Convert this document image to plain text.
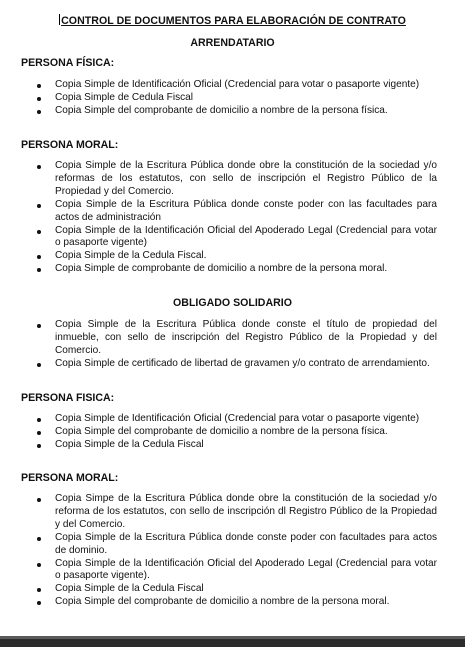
CONTROL DE DOCUMENTOS PARA ELABORACIÓN DE CONTRATO
ARRENDATARIO
PERSONA FÍSICA:
Copia Simple de Identificación Oficial (Credencial para votar o pasaporte vigente)
Copia Simple de Cedula Fiscal
Copia Simple del comprobante de domicilio a nombre de la persona física.
PERSONA MORAL:
Copia Simple de la Escritura Pública donde obre la constitución de la sociedad y/o reformas de los estatutos, con sello de inscripción el Registro Público de la Propiedad y del Comercio.
Copia Simple de la Escritura Pública donde conste poder con las facultades para actos de administración
Copia Simple de la Identificación Oficial del Apoderado Legal (Credencial para votar o pasaporte vigente)
Copia Simple de la Cedula Fiscal.
Copia Simple de comprobante de domicilio a nombre de la persona moral.
OBLIGADO SOLIDARIO
Copia Simple de la Escritura Pública donde conste el título de propiedad del inmueble, con sello de inscripción del Registro Público de la Propiedad y del Comercio.
Copia Simple de certificado de libertad de gravamen y/o contrato de arrendamiento.
PERSONA FISICA:
Copia Simple de Identificación Oficial (Credencial para votar o pasaporte vigente)
Copia Simple del comprobante de domicilio a nombre de la persona física.
Copia Simple de la Cedula Fiscal
PERSONA MORAL:
Copia Simpe de la Escritura Pública donde obre la constitución de la sociedad y/o reforma de los estatutos, con sello de inscripción dl Registro Público de la Propiedad y del Comercio.
Copia Simple de la Escritura Pública donde conste poder con facultades para actos de dominio.
Copia Simple de la Identificación Oficial del Apoderado Legal (Credencial para votar o pasaporte vigente).
Copia Simple de la Cedula Fiscal
Copia Simple del comprobante de domicilio a nombre de la persona moral.
